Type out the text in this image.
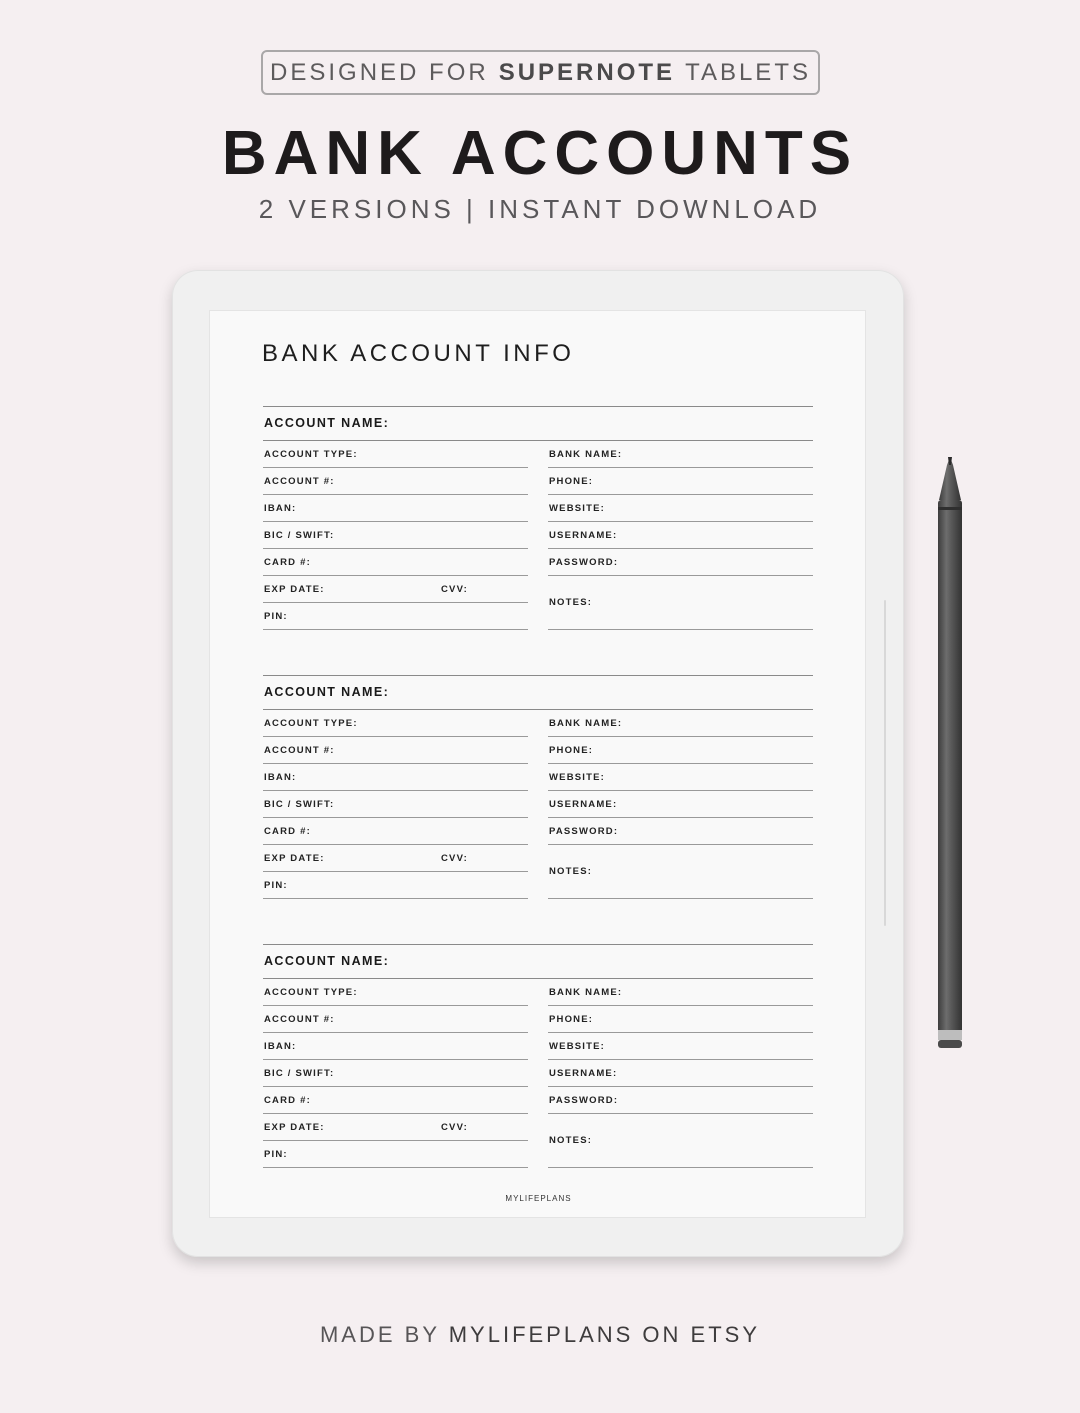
DESIGNED FOR SUPERNOTE TABLETS
BANK ACCOUNTS
2 VERSIONS | INSTANT DOWNLOAD
BANK ACCOUNT INFO
ACCOUNT NAME:
ACCOUNT TYPE:
ACCOUNT #:
IBAN:
BIC / SWIFT:
CARD #:
EXP DATE:	CVV:
PIN:
BANK NAME:
PHONE:
WEBSITE:
USERNAME:
PASSWORD:
NOTES:
ACCOUNT NAME:
ACCOUNT TYPE:
ACCOUNT #:
IBAN:
BIC / SWIFT:
CARD #:
EXP DATE:	CVV:
PIN:
BANK NAME:
PHONE:
WEBSITE:
USERNAME:
PASSWORD:
NOTES:
ACCOUNT NAME:
ACCOUNT TYPE:
ACCOUNT #:
IBAN:
BIC / SWIFT:
CARD #:
EXP DATE:	CVV:
PIN:
BANK NAME:
PHONE:
WEBSITE:
USERNAME:
PASSWORD:
NOTES:
MYLIFEPLANS
MADE BY MYLIFEPLANS ON ETSY
